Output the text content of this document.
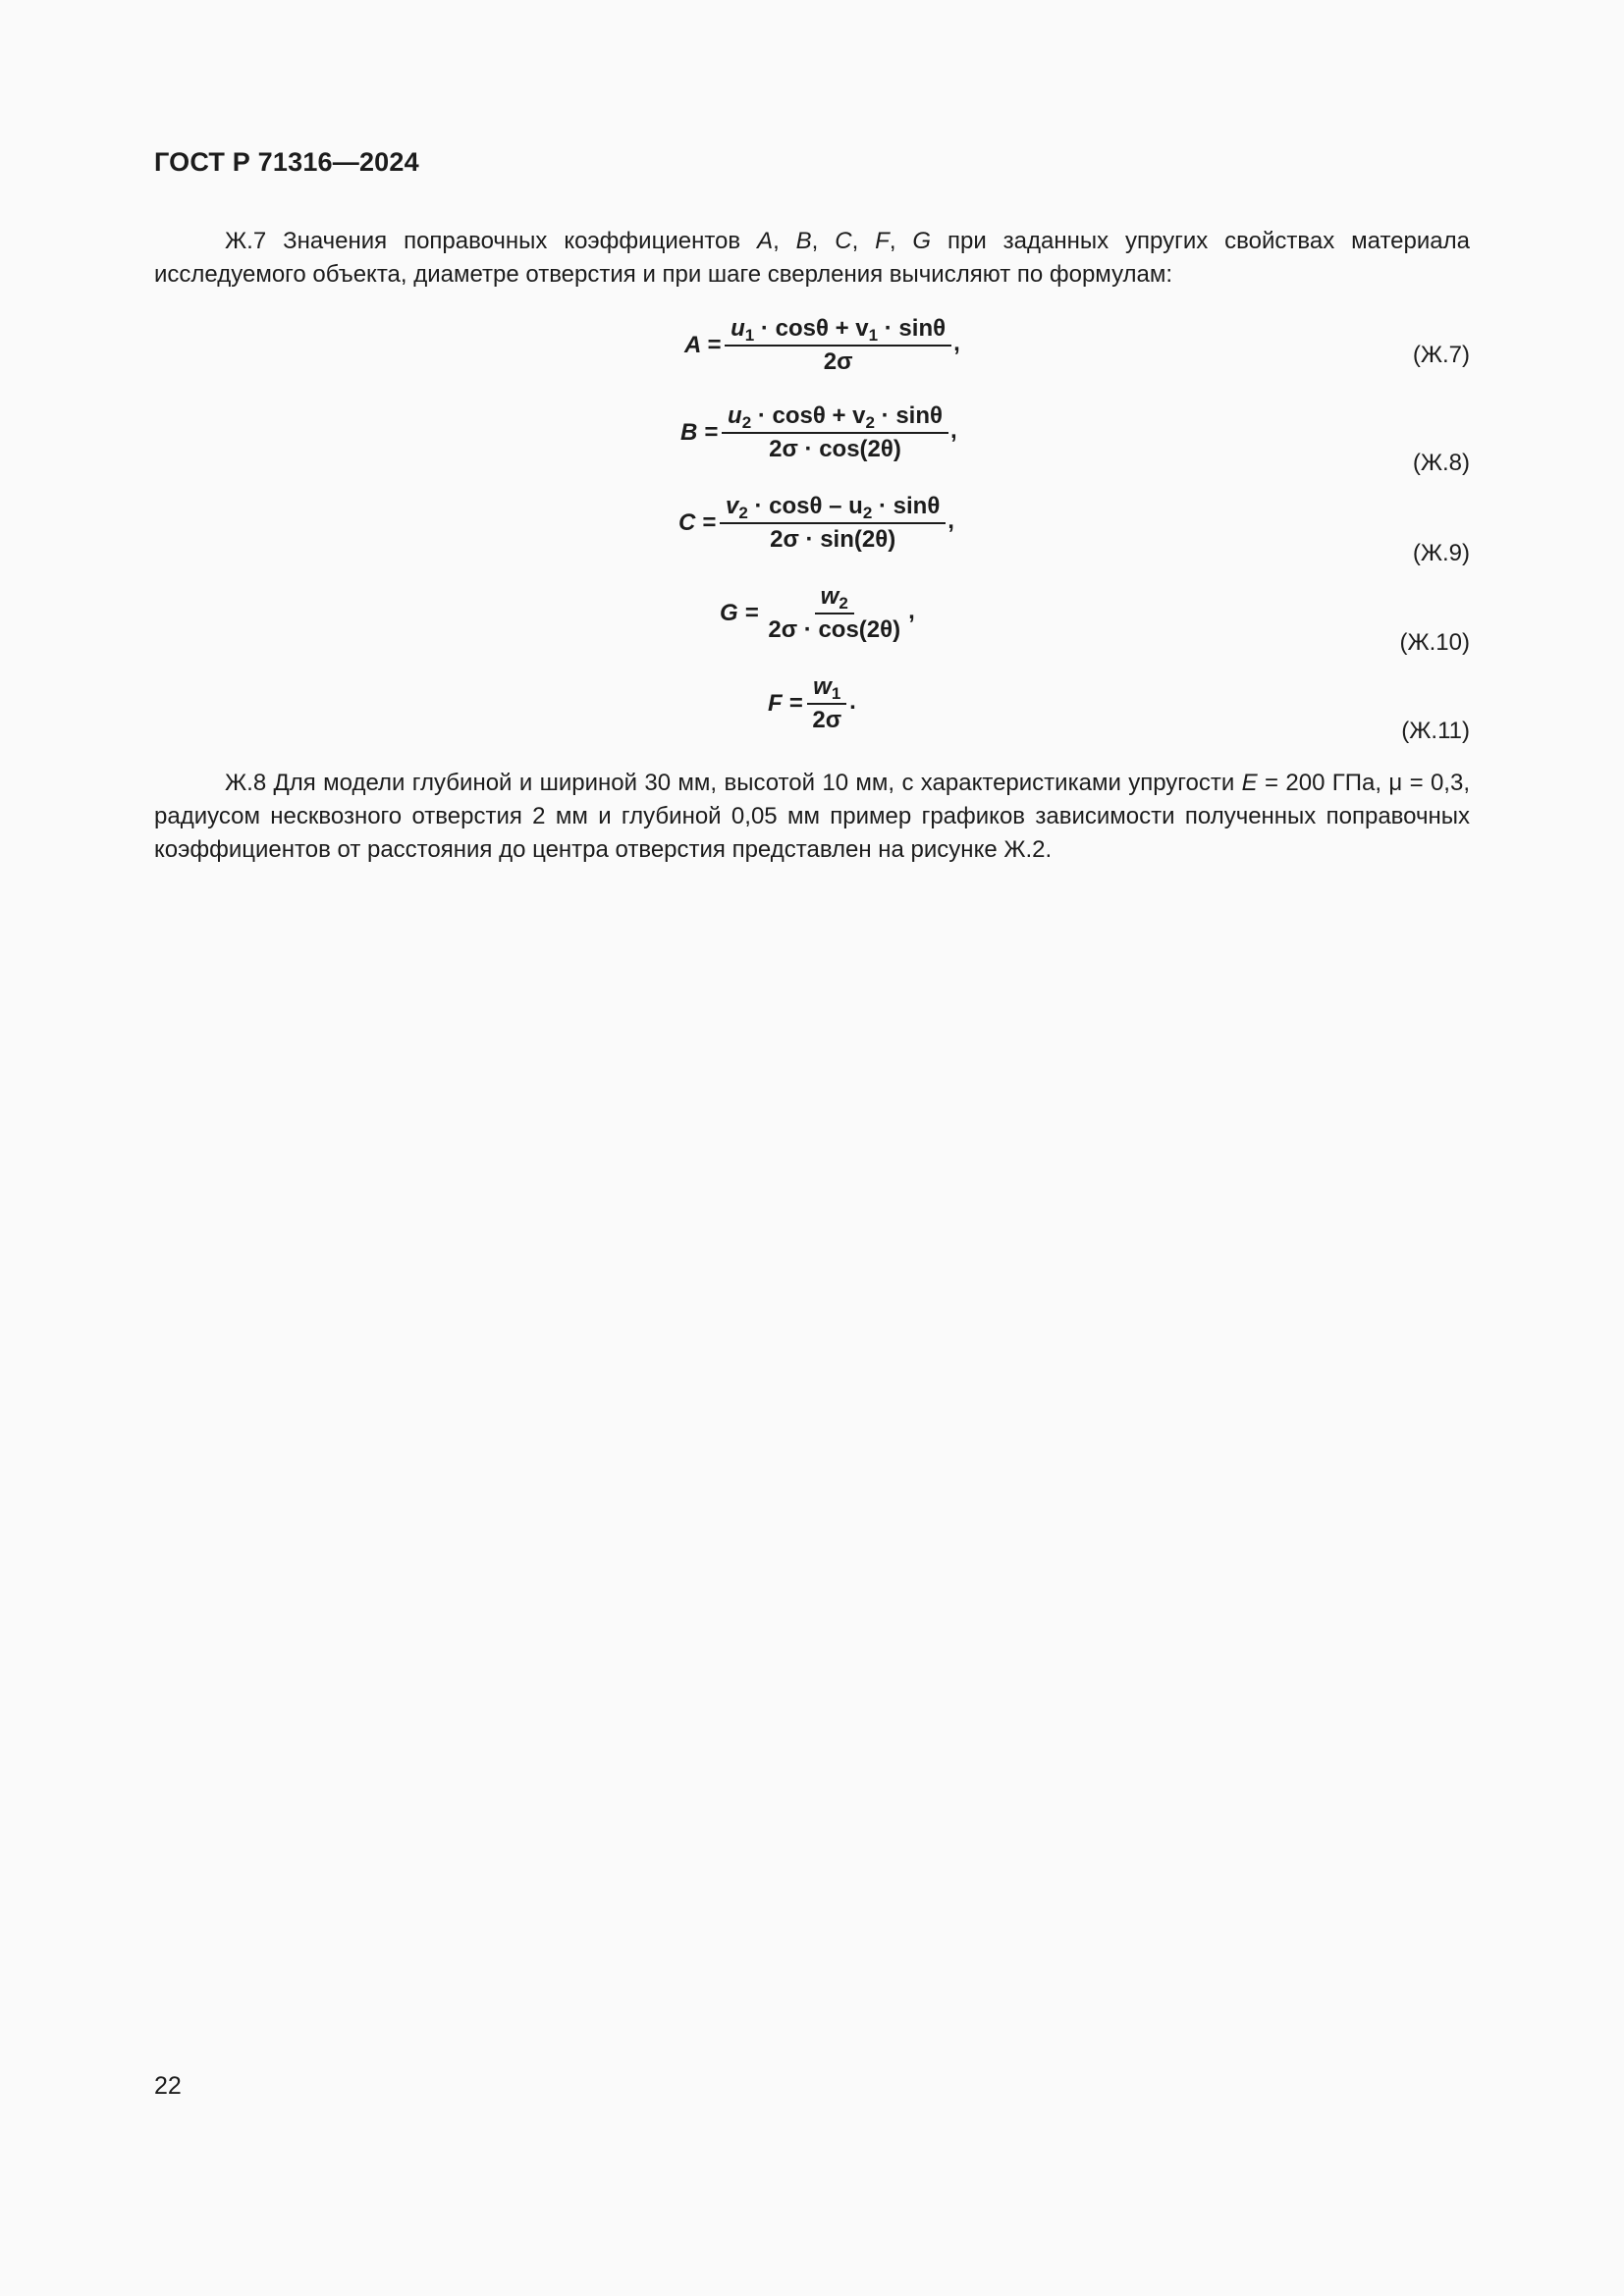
ГОСТ Р 71316—2024

Ж.7 Значения поправочных коэффициентов A, B, C, F, G при заданных упругих свойствах материала исследуемого объекта, диаметре отверстия и при шаге сверления вычисляют по формулам:

$A = \frac{u_1 \cdot \cos\theta + v_1 \cdot \sin\theta}{2\sigma}$ ,	(Ж.7)
$B = \frac{u_2 \cdot \cos\theta + v_2 \cdot \sin\theta}{2\sigma \cdot \cos(2\theta)}$ ,
(Ж.8)
$C = \frac{v_2 \cdot \cos\theta - u_2 \cdot \sin\theta}{2\sigma \cdot \sin(2\theta)}$ ,
(Ж.9)
$G = \frac{w_2}{2\sigma \cdot \cos(2\theta)}$ ,
(Ж.10)
$F = \frac{w_1}{2\sigma}$ .
(Ж.11)

Ж.8 Для модели глубиной и шириной 30 мм, высотой 10 мм, с характеристиками упругости E = 200 ГПа, μ = 0,3, радиусом несквозного отверстия 2 мм и глубиной 0,05 мм пример графиков зависимости полученных поправочных коэффициентов от расстояния до центра отверстия представлен на рисунке Ж.2.

22
